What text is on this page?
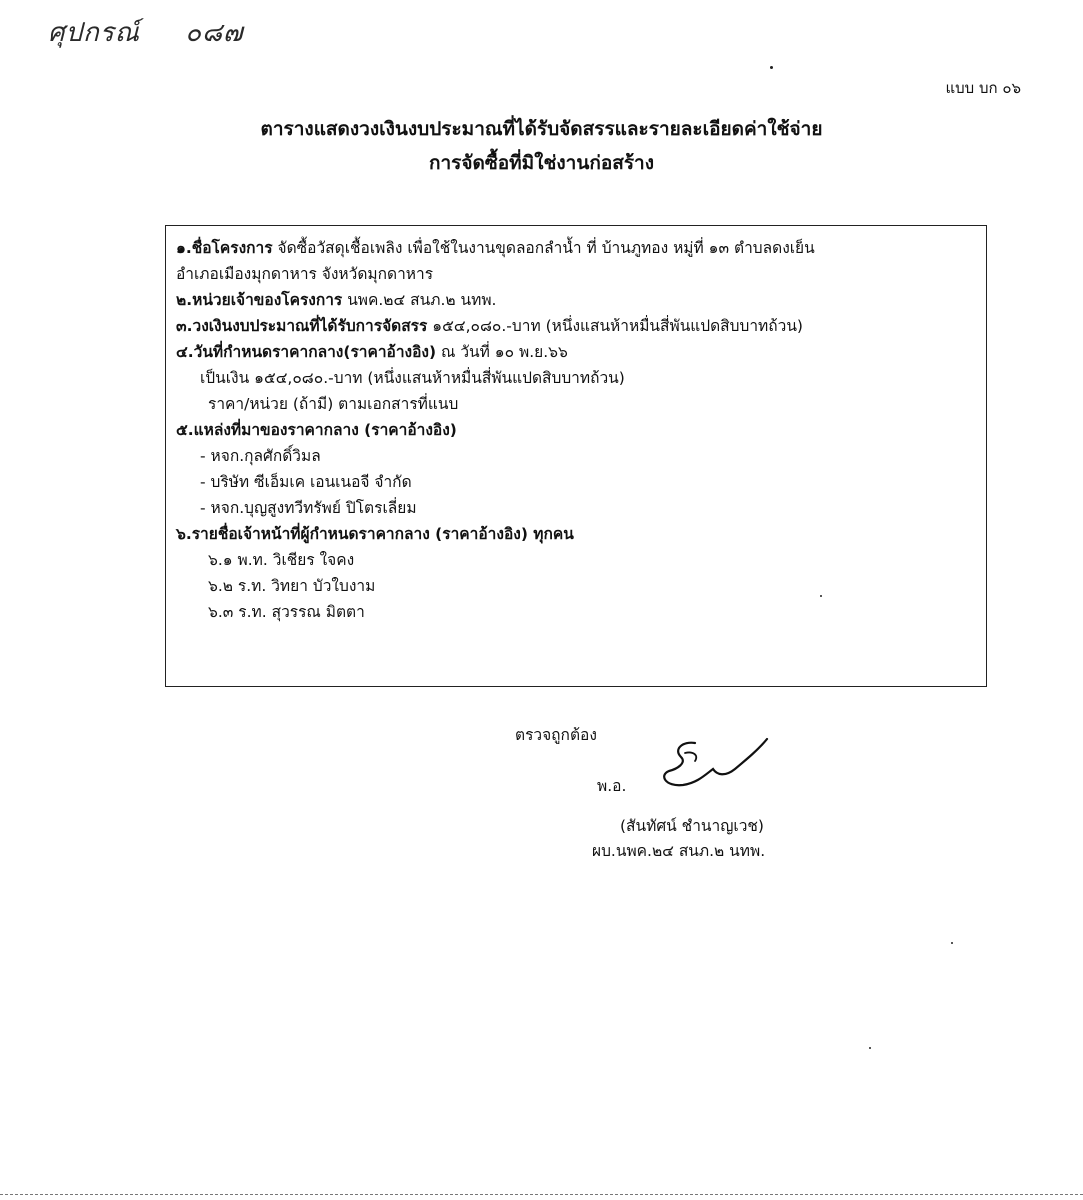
ศุปกรณ์ ๐๘๗
แบบ บก ๐๖
ตารางแสดงวงเงินงบประมาณที่ได้รับจัดสรรและรายละเอียดค่าใช้จ่าย
การจัดซื้อที่มิใช่งานก่อสร้าง
๑.ชื่อโครงการ จัดซื้อวัสดุเชื้อเพลิง เพื่อใช้ในงานขุดลอกลำน้ำ ที่ บ้านภูทอง หมู่ที่ ๑๓ ตำบลดงเย็น
อำเภอเมืองมุกดาหาร จังหวัดมุกดาหาร
๒.หน่วยเจ้าของโครงการ นพค.๒๔ สนภ.๒ นทพ.
๓.วงเงินงบประมาณที่ได้รับการจัดสรร ๑๕๔,๐๘๐.-บาท (หนึ่งแสนห้าหมื่นสี่พันแปดสิบบาทถ้วน)
๔.วันที่กำหนดราคากลาง(ราคาอ้างอิง) ณ วันที่ ๑๐ พ.ย.๖๖
เป็นเงิน ๑๕๔,๐๘๐.-บาท (หนึ่งแสนห้าหมื่นสี่พันแปดสิบบาทถ้วน)
ราคา/หน่วย (ถ้ามี) ตามเอกสารที่แนบ
๕.แหล่งที่มาของราคากลาง (ราคาอ้างอิง)
- หจก.กุลศักดิ์วิมล
- บริษัท ซีเอ็มเค เอนเนอจี จำกัด
- หจก.บุญสูงทวีทรัพย์ ปิโตรเลี่ยม
๖.รายชื่อเจ้าหน้าที่ผู้กำหนดราคากลาง (ราคาอ้างอิง) ทุกคน
๖.๑ พ.ท. วิเชียร ใจคง
๖.๒ ร.ท. วิทยา บัวใบงาม
๖.๓ ร.ท. สุวรรณ มิตตา
ตรวจถูกต้อง
พ.อ.
(สันทัศน์ ชำนาญเวช)
ผบ.นพค.๒๔ สนภ.๒ นทพ.
